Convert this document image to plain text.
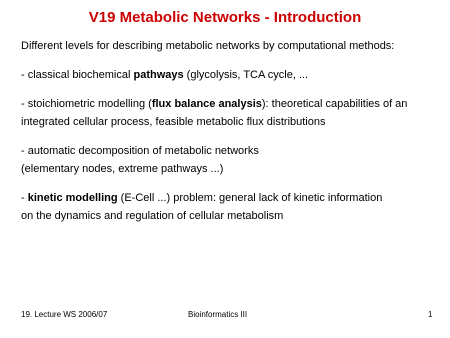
V19 Metabolic Networks - Introduction

Different levels for describing metabolic networks by computational methods:

- classical biochemical pathways (glycolysis, TCA cycle, ...

- stoichiometric modelling (flux balance analysis): theoretical capabilities of an
integrated cellular process, feasible metabolic flux distributions

- automatic decomposition of metabolic networks
(elementary nodes, extreme pathways ...)

- kinetic modelling (E-Cell ...) problem: general lack of kinetic information
on the dynamics and regulation of cellular metabolism

19. Lecture WS 2006/07	Bioinformatics III	1
